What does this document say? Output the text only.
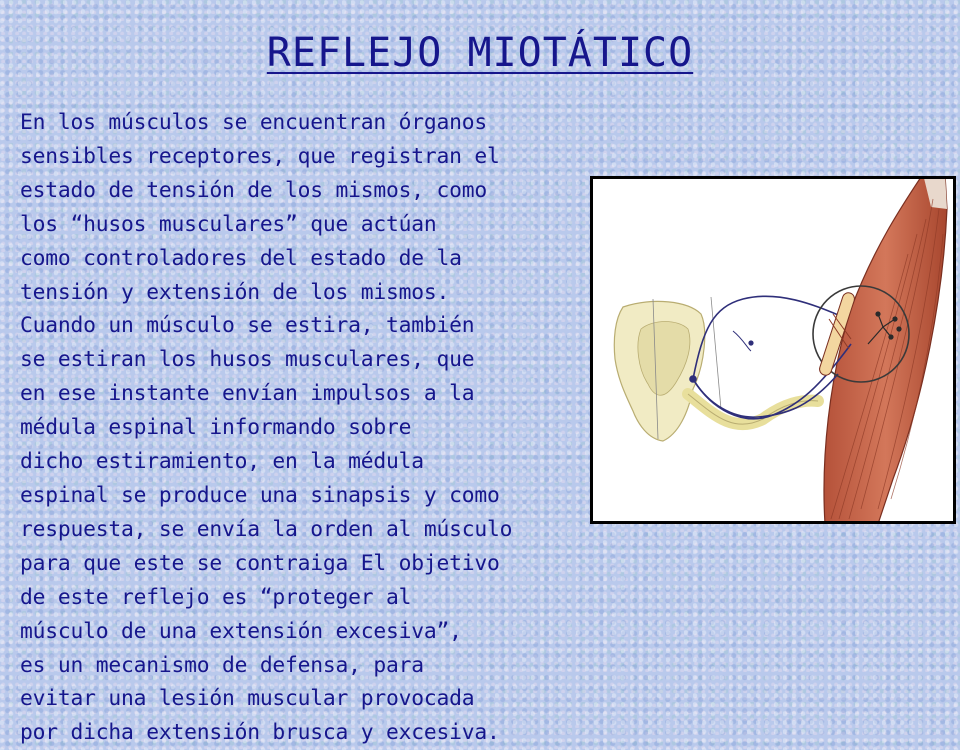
REFLEJO MIOTÁTICO
En los músculos se encuentran órganos
sensibles receptores, que registran el
estado de tensión de los mismos, como
los “husos musculares” que actúan
como controladores del estado de la
tensión y extensión de los mismos.
Cuando un músculo se estira, también
se estiran los husos musculares, que
en ese instante envían impulsos a la
médula espinal informando sobre
dicho estiramiento, en la médula
espinal se produce una sinapsis y como
respuesta, se envía la orden al músculo
para que este se contraiga El objetivo
de este reflejo es “proteger al
músculo de una extensión excesiva”,
es un mecanismo de defensa, para
evitar una lesión muscular provocada
por dicha extensión brusca y excesiva.
